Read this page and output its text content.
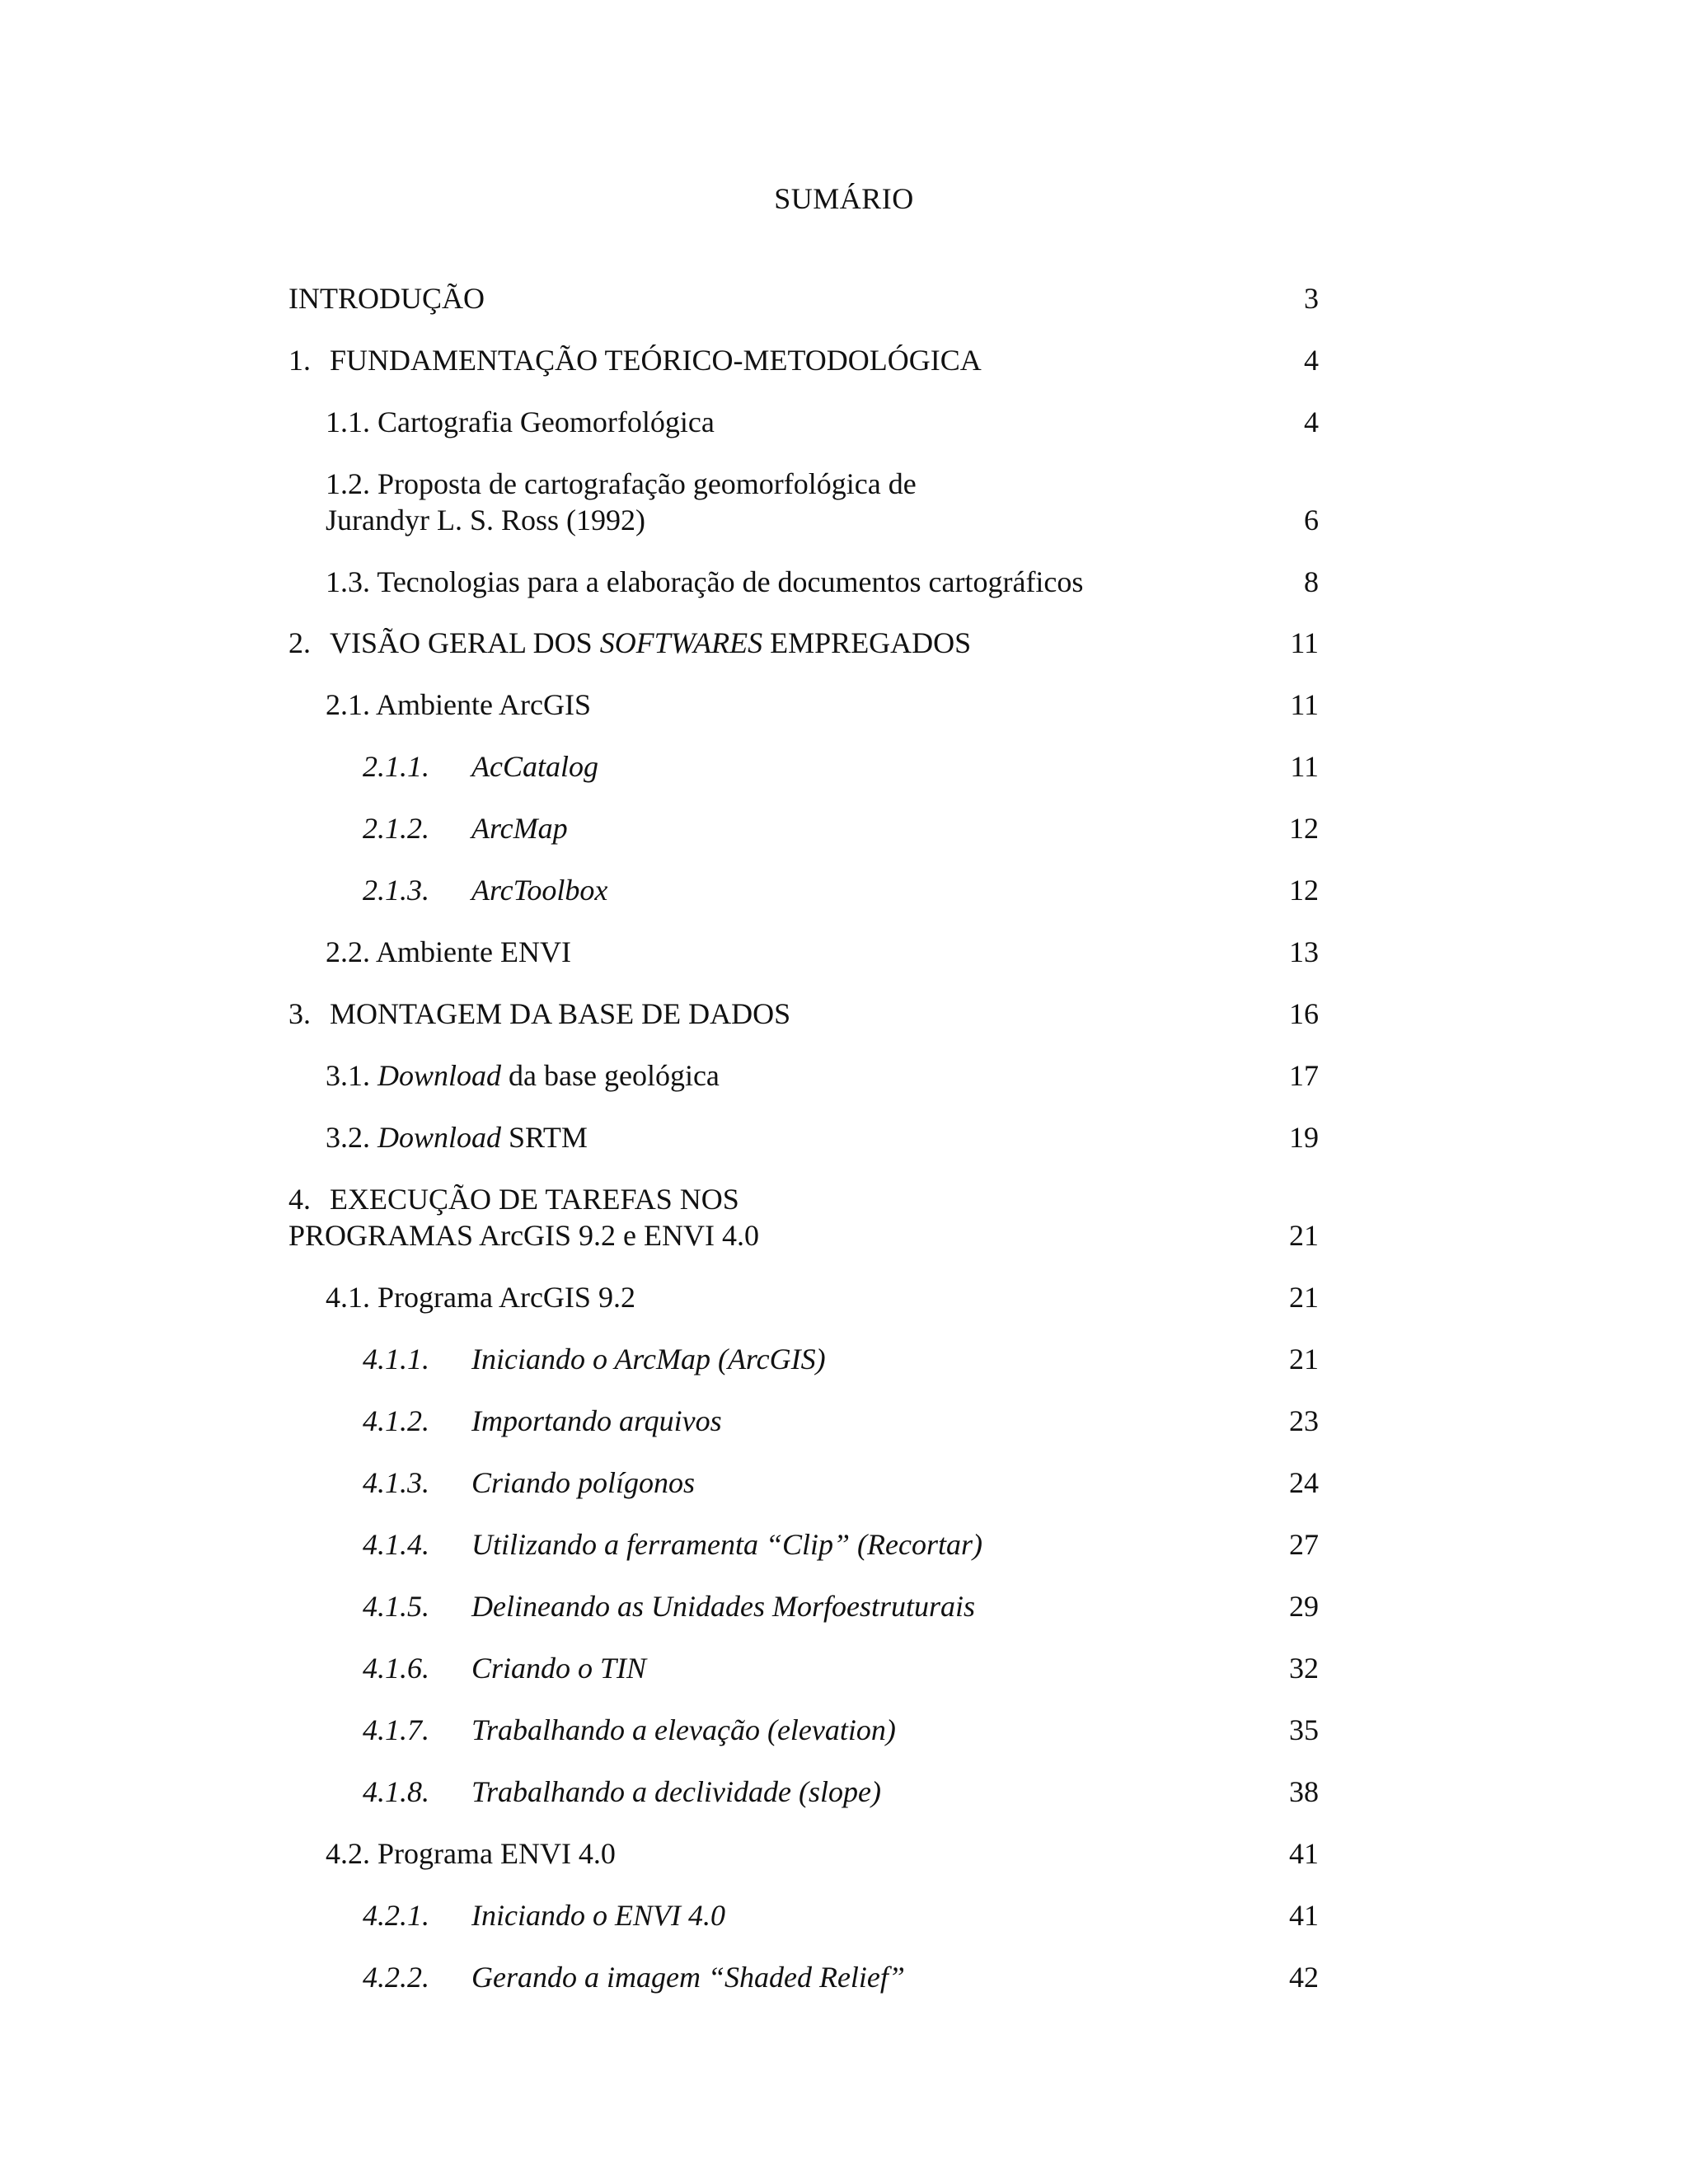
SUMÁRIO
INTRODUÇÃO	3
1. FUNDAMENTAÇÃO TEÓRICO-METODOLÓGICA	4
1.1. Cartografia Geomorfológica	4
1.2. Proposta de cartografação geomorfológica de
Jurandyr L. S. Ross (1992)	6
1.3. Tecnologias para a elaboração de documentos cartográficos	8
2. VISÃO GERAL DOS SOFTWARES EMPREGADOS	11
2.1. Ambiente ArcGIS	11
2.1.1. AcCatalog	11
2.1.2. ArcMap	12
2.1.3. ArcToolbox	12
2.2. Ambiente ENVI	13
3. MONTAGEM DA BASE DE DADOS	16
3.1. Download da base geológica	17
3.2. Download SRTM	19
4. EXECUÇÃO DE TAREFAS NOS
PROGRAMAS ArcGIS 9.2 e ENVI 4.0	21
4.1. Programa ArcGIS 9.2	21
4.1.1. Iniciando o ArcMap (ArcGIS)	21
4.1.2. Importando arquivos	23
4.1.3. Criando polígonos	24
4.1.4. Utilizando a ferramenta “Clip” (Recortar)	27
4.1.5. Delineando as Unidades Morfoestruturais	29
4.1.6. Criando o TIN	32
4.1.7. Trabalhando a elevação (elevation)	35
4.1.8. Trabalhando a declividade (slope)	38
4.2. Programa ENVI 4.0	41
4.2.1. Iniciando o ENVI 4.0	41
4.2.2. Gerando a imagem “Shaded Relief”	42
